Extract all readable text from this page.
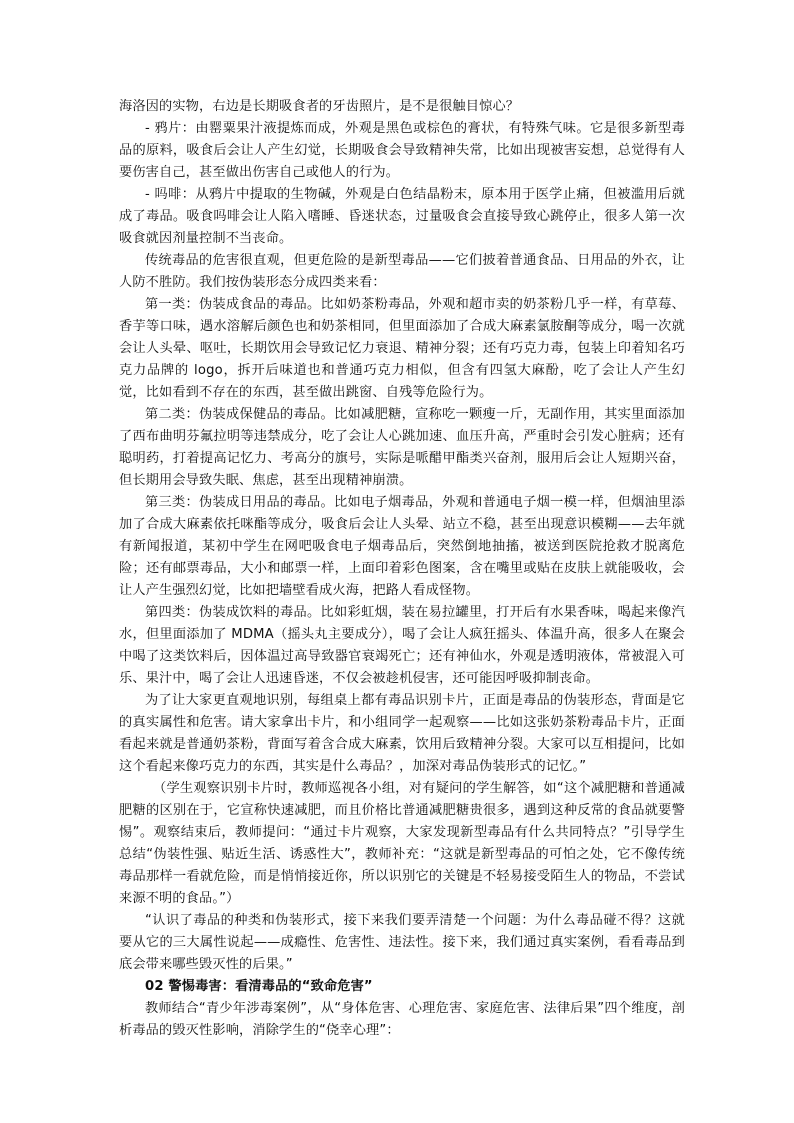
海洛因的实物，右边是长期吸食者的牙齿照片，是不是很触目惊心？

- 鸦片：由罂粟果汁液提炼而成，外观是黑色或棕色的膏状，有特殊气味。它是很多新型毒品的原料，吸食后会让人产生幻觉，长期吸食会导致精神失常，比如出现被害妄想，总觉得有人要伤害自己，甚至做出伤害自己或他人的行为。

- 吗啡：从鸦片中提取的生物碱，外观是白色结晶粉末，原本用于医学止痛，但被滥用后就成了毒品。吸食吗啡会让人陷入嗜睡、昏迷状态，过量吸食会直接导致心跳停止，很多人第一次吸食就因剂量控制不当丧命。

传统毒品的危害很直观，但更危险的是新型毒品——它们披着普通食品、日用品的外衣，让人防不胜防。我们按伪装形态分成四类来看：

第一类：伪装成食品的毒品。比如奶茶粉毒品，外观和超市卖的奶茶粉几乎一样，有草莓、香芋等口味，遇水溶解后颜色也和奶茶相同，但里面添加了合成大麻素氯胺酮等成分，喝一次就会让人头晕、呕吐，长期饮用会导致记忆力衰退、精神分裂；还有巧克力毒，包装上印着知名巧克力品牌的 logo，拆开后味道也和普通巧克力相似，但含有四氢大麻酚，吃了会让人产生幻觉，比如看到不存在的东西，甚至做出跳窗、自残等危险行为。

第二类：伪装成保健品的毒品。比如减肥糖，宣称吃一颗瘦一斤，无副作用，其实里面添加了西布曲明芬氟拉明等违禁成分，吃了会让人心跳加速、血压升高，严重时会引发心脏病；还有聪明药，打着提高记忆力、考高分的旗号，实际是哌醋甲酯类兴奋剂，服用后会让人短期兴奋，但长期用会导致失眠、焦虑，甚至出现精神崩溃。

第三类：伪装成日用品的毒品。比如电子烟毒品，外观和普通电子烟一模一样，但烟油里添加了合成大麻素依托咪酯等成分，吸食后会让人头晕、站立不稳，甚至出现意识模糊——去年就有新闻报道，某初中学生在网吧吸食电子烟毒品后，突然倒地抽搐，被送到医院抢救才脱离危险；还有邮票毒品，大小和邮票一样，上面印着彩色图案，含在嘴里或贴在皮肤上就能吸收，会让人产生强烈幻觉，比如把墙壁看成火海，把路人看成怪物。

第四类：伪装成饮料的毒品。比如彩虹烟，装在易拉罐里，打开后有水果香味，喝起来像汽水，但里面添加了 MDMA（摇头丸主要成分），喝了会让人疯狂摇头、体温升高，很多人在聚会中喝了这类饮料后，因体温过高导致器官衰竭死亡；还有神仙水，外观是透明液体，常被混入可乐、果汁中，喝了会让人迅速昏迷，不仅会被趁机侵害，还可能因呼吸抑制丧命。

为了让大家更直观地识别，每组桌上都有毒品识别卡片，正面是毒品的伪装形态，背面是它的真实属性和危害。请大家拿出卡片，和小组同学一起观察——比如这张奶茶粉毒品卡片，正面看起来就是普通奶茶粉，背面写着含合成大麻素，饮用后致精神分裂。大家可以互相提问，比如这个看起来像巧克力的东西，其实是什么毒品？，加深对毒品伪装形式的记忆。”

（学生观察识别卡片时，教师巡视各小组，对有疑问的学生解答，如“这个减肥糖和普通减肥糖的区别在于，它宣称快速减肥，而且价格比普通减肥糖贵很多，遇到这种反常的食品就要警惕”。观察结束后，教师提问：“通过卡片观察，大家发现新型毒品有什么共同特点？”引导学生总结“伪装性强、贴近生活、诱惑性大”，教师补充：“这就是新型毒品的可怕之处，它不像传统毒品那样一看就危险，而是悄悄接近你，所以识别它的关键是不轻易接受陌生人的物品，不尝试来源不明的食品。”）

“认识了毒品的种类和伪装形式，接下来我们要弄清楚一个问题：为什么毒品碰不得？这就要从它的三大属性说起——成瘾性、危害性、违法性。接下来，我们通过真实案例，看看毒品到底会带来哪些毁灭性的后果。”

02 警惕毒害：看清毒品的“致命危害”

教师结合“青少年涉毒案例”，从“身体危害、心理危害、家庭危害、法律后果”四个维度，剖析毒品的毁灭性影响，消除学生的“侥幸心理”：
